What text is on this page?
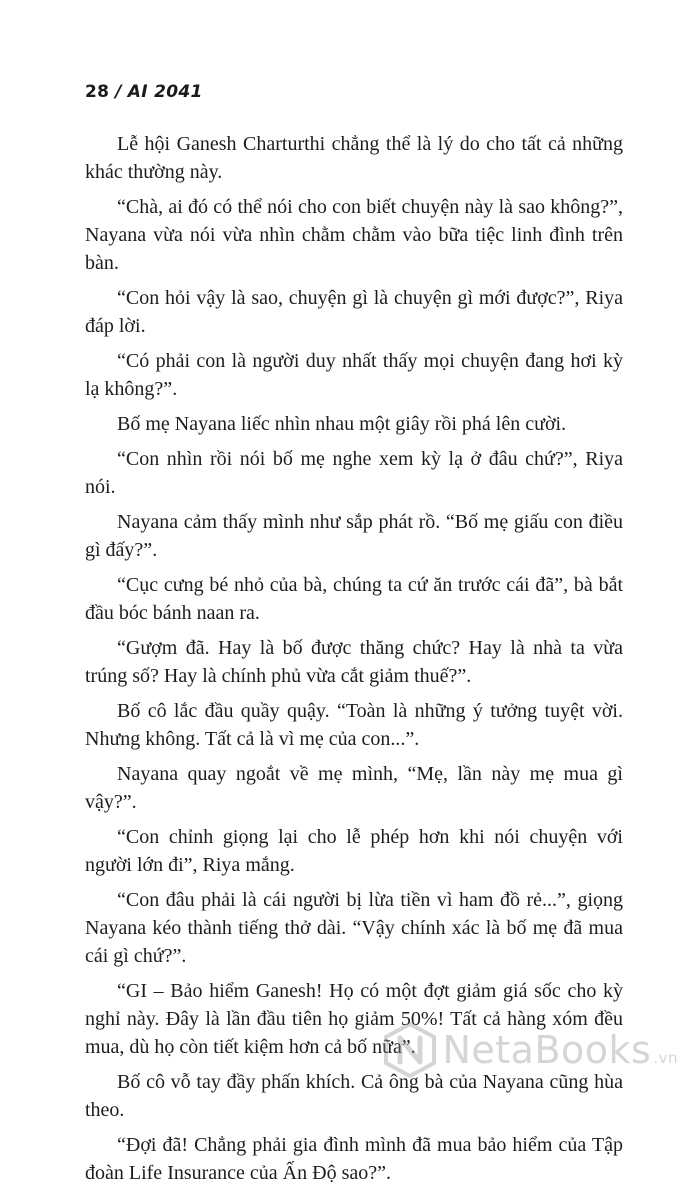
28 / AI 2041

Lễ hội Ganesh Charturthi chẳng thể là lý do cho tất cả những khác thường này.

“Chà, ai đó có thể nói cho con biết chuyện này là sao không?”, Nayana vừa nói vừa nhìn chằm chằm vào bữa tiệc linh đình trên bàn.

“Con hỏi vậy là sao, chuyện gì là chuyện gì mới được?”, Riya đáp lời.

“Có phải con là người duy nhất thấy mọi chuyện đang hơi kỳ lạ không?”.

Bố mẹ Nayana liếc nhìn nhau một giây rồi phá lên cười.

“Con nhìn rồi nói bố mẹ nghe xem kỳ lạ ở đâu chứ?”, Riya nói.

Nayana cảm thấy mình như sắp phát rồ. “Bố mẹ giấu con điều gì đấy?”.

“Cục cưng bé nhỏ của bà, chúng ta cứ ăn trước cái đã”, bà bắt đầu bóc bánh naan ra.

“Gượm đã. Hay là bố được thăng chức? Hay là nhà ta vừa trúng số? Hay là chính phủ vừa cắt giảm thuế?”.

Bố cô lắc đầu quầy quậy. “Toàn là những ý tưởng tuyệt vời. Nhưng không. Tất cả là vì mẹ của con...”.

Nayana quay ngoắt về mẹ mình, “Mẹ, lần này mẹ mua gì vậy?”.

“Con chỉnh giọng lại cho lễ phép hơn khi nói chuyện với người lớn đi”, Riya mắng.

“Con đâu phải là cái người bị lừa tiền vì ham đồ rẻ...”, giọng Nayana kéo thành tiếng thở dài. “Vậy chính xác là bố mẹ đã mua cái gì chứ?”.

“GI – Bảo hiểm Ganesh! Họ có một đợt giảm giá sốc cho kỳ nghỉ này. Đây là lần đầu tiên họ giảm 50%! Tất cả hàng xóm đều mua, dù họ còn tiết kiệm hơn cả bố nữa”.

Bố cô vỗ tay đầy phấn khích. Cả ông bà của Nayana cũng hùa theo.

“Đợi đã! Chẳng phải gia đình mình đã mua bảo hiểm của Tập đoàn Life Insurance của Ấn Độ sao?”.

NetaBooks .vn
